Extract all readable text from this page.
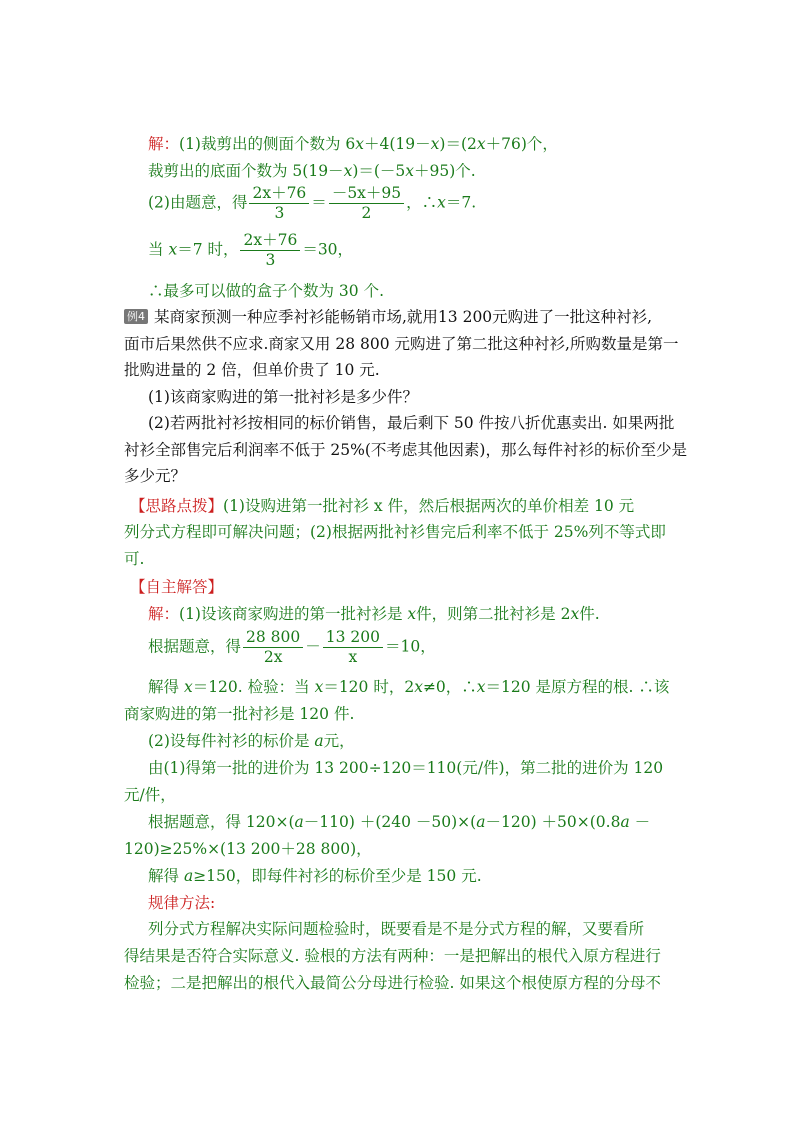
解：(1)裁剪出的侧面个数为 6x＋4(19－x)＝(2x＋76)个，
裁剪出的底面个数为 5(19－x)＝(－5x＋95)个.
(2)由题意，得 $\frac{2x+76}{3} = \frac{-5x+95}{2}$ ，∴x＝7.
当 x＝7 时， $\frac{2x+76}{3} =30$，
∴最多可以做的盒子个数为 30 个.
例4 某商家预测一种应季衬衫能畅销市场,就用13 200元购进了一批这种衬衫,
面市后果然供不应求.商家又用 28 800 元购进了第二批这种衬衫,所购数量是第一
批购进量的 2 倍，但单价贵了 10 元.
(1)该商家购进的第一批衬衫是多少件？
(2)若两批衬衫按相同的标价销售，最后剩下 50 件按八折优惠卖出. 如果两批
衬衫全部售完后利润率不低于 25%(不考虑其他因素)，那么每件衬衫的标价至少是
多少元？
【思路点拨】(1)设购进第一批衬衫 x 件，然后根据两次的单价相差 10 元
列分式方程即可解决问题；(2)根据两批衬衫售完后利率不低于 25%列不等式即
可.
【自主解答】
解：(1)设该商家购进的第一批衬衫是 x件，则第二批衬衫是 2x件.
根据题意，得 $\frac{28 800}{2x} - \frac{13 200}{x} =10$，
解得 x＝120. 检验：当 x＝120 时，2x≠0，∴x＝120 是原方程的根. ∴该
商家购进的第一批衬衫是 120 件.
(2)设每件衬衫的标价是 a元，
由(1)得第一批的进价为 13 200÷120＝110(元/件)，第二批的进价为 120
元/件，
根据题意，得 120×(a－110) ＋(240 －50)×(a－120) ＋50×(0.8a －
120)≥25%×(13 200＋28 800)，
解得 a≥150，即每件衬衫的标价至少是 150 元.
规律方法:
列分式方程解决实际问题检验时，既要看是不是分式方程的解，又要看所
得结果是否符合实际意义. 验根的方法有两种：一是把解出的根代入原方程进行
检验；二是把解出的根代入最简公分母进行检验. 如果这个根使原方程的分母不
